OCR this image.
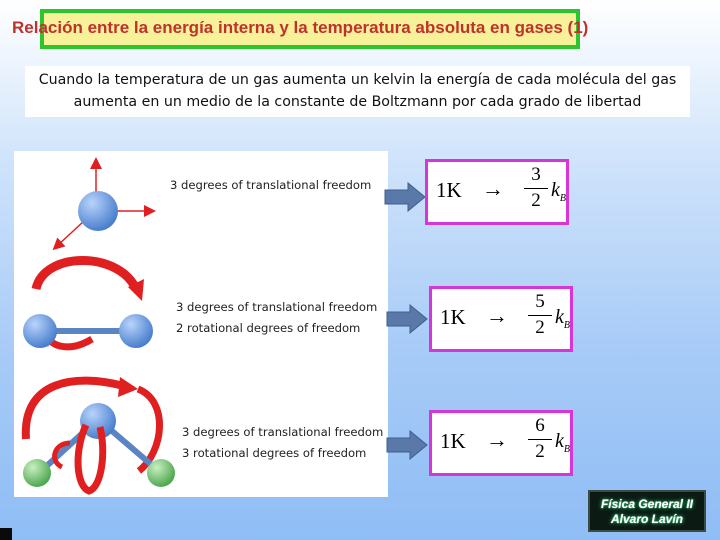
Relación entre la energía interna y la temperatura absoluta en gases (1)
Cuando la temperatura de un gas aumenta un kelvin la energía de cada molécula del gas aumenta en un medio de la constante de Boltzmann por cada grado de libertad
3 degrees of translational freedom
3 degrees of translational freedom
2 rotational degrees of freedom
3 degrees of translational freedom
3 rotational degrees of freedom
1K →
3
2 $k_B$
1K →
5
2 $k_B$
1K →
6
2 $k_B$
Física General II
Alvaro Lavín
